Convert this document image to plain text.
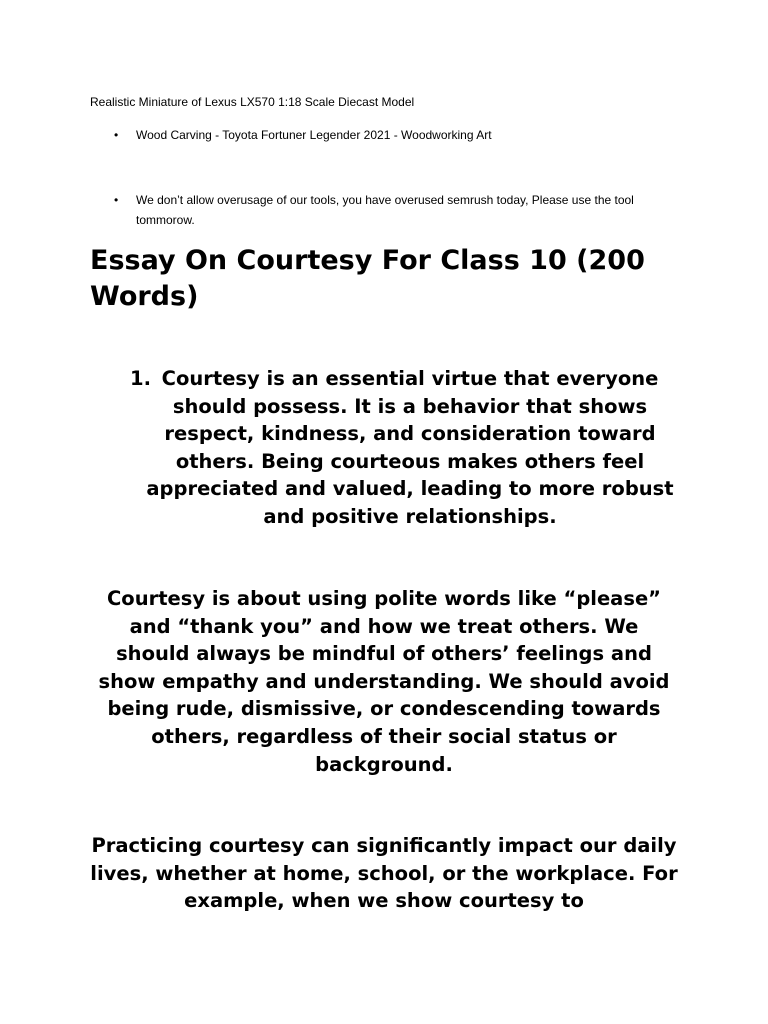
Realistic Miniature of Lexus LX570 1:18 Scale Diecast Model

• Wood Carving - Toyota Fortuner Legender 2021 - Woodworking Art
• We don’t allow overusage of our tools, you have overused semrush today, Please use the tool tommorow.
Essay On Courtesy For Class 10 (200 Words)
1. Courtesy is an essential virtue that everyone should possess. It is a behavior that shows respect, kindness, and consideration toward others. Being courteous makes others feel appreciated and valued, leading to more robust and positive relationships.

Courtesy is about using polite words like “please” and “thank you” and how we treat others. We should always be mindful of others’ feelings and show empathy and understanding. We should avoid being rude, dismissive, or condescending towards others, regardless of their social status or background.

Practicing courtesy can significantly impact our daily lives, whether at home, school, or the workplace. For example, when we show courtesy to
